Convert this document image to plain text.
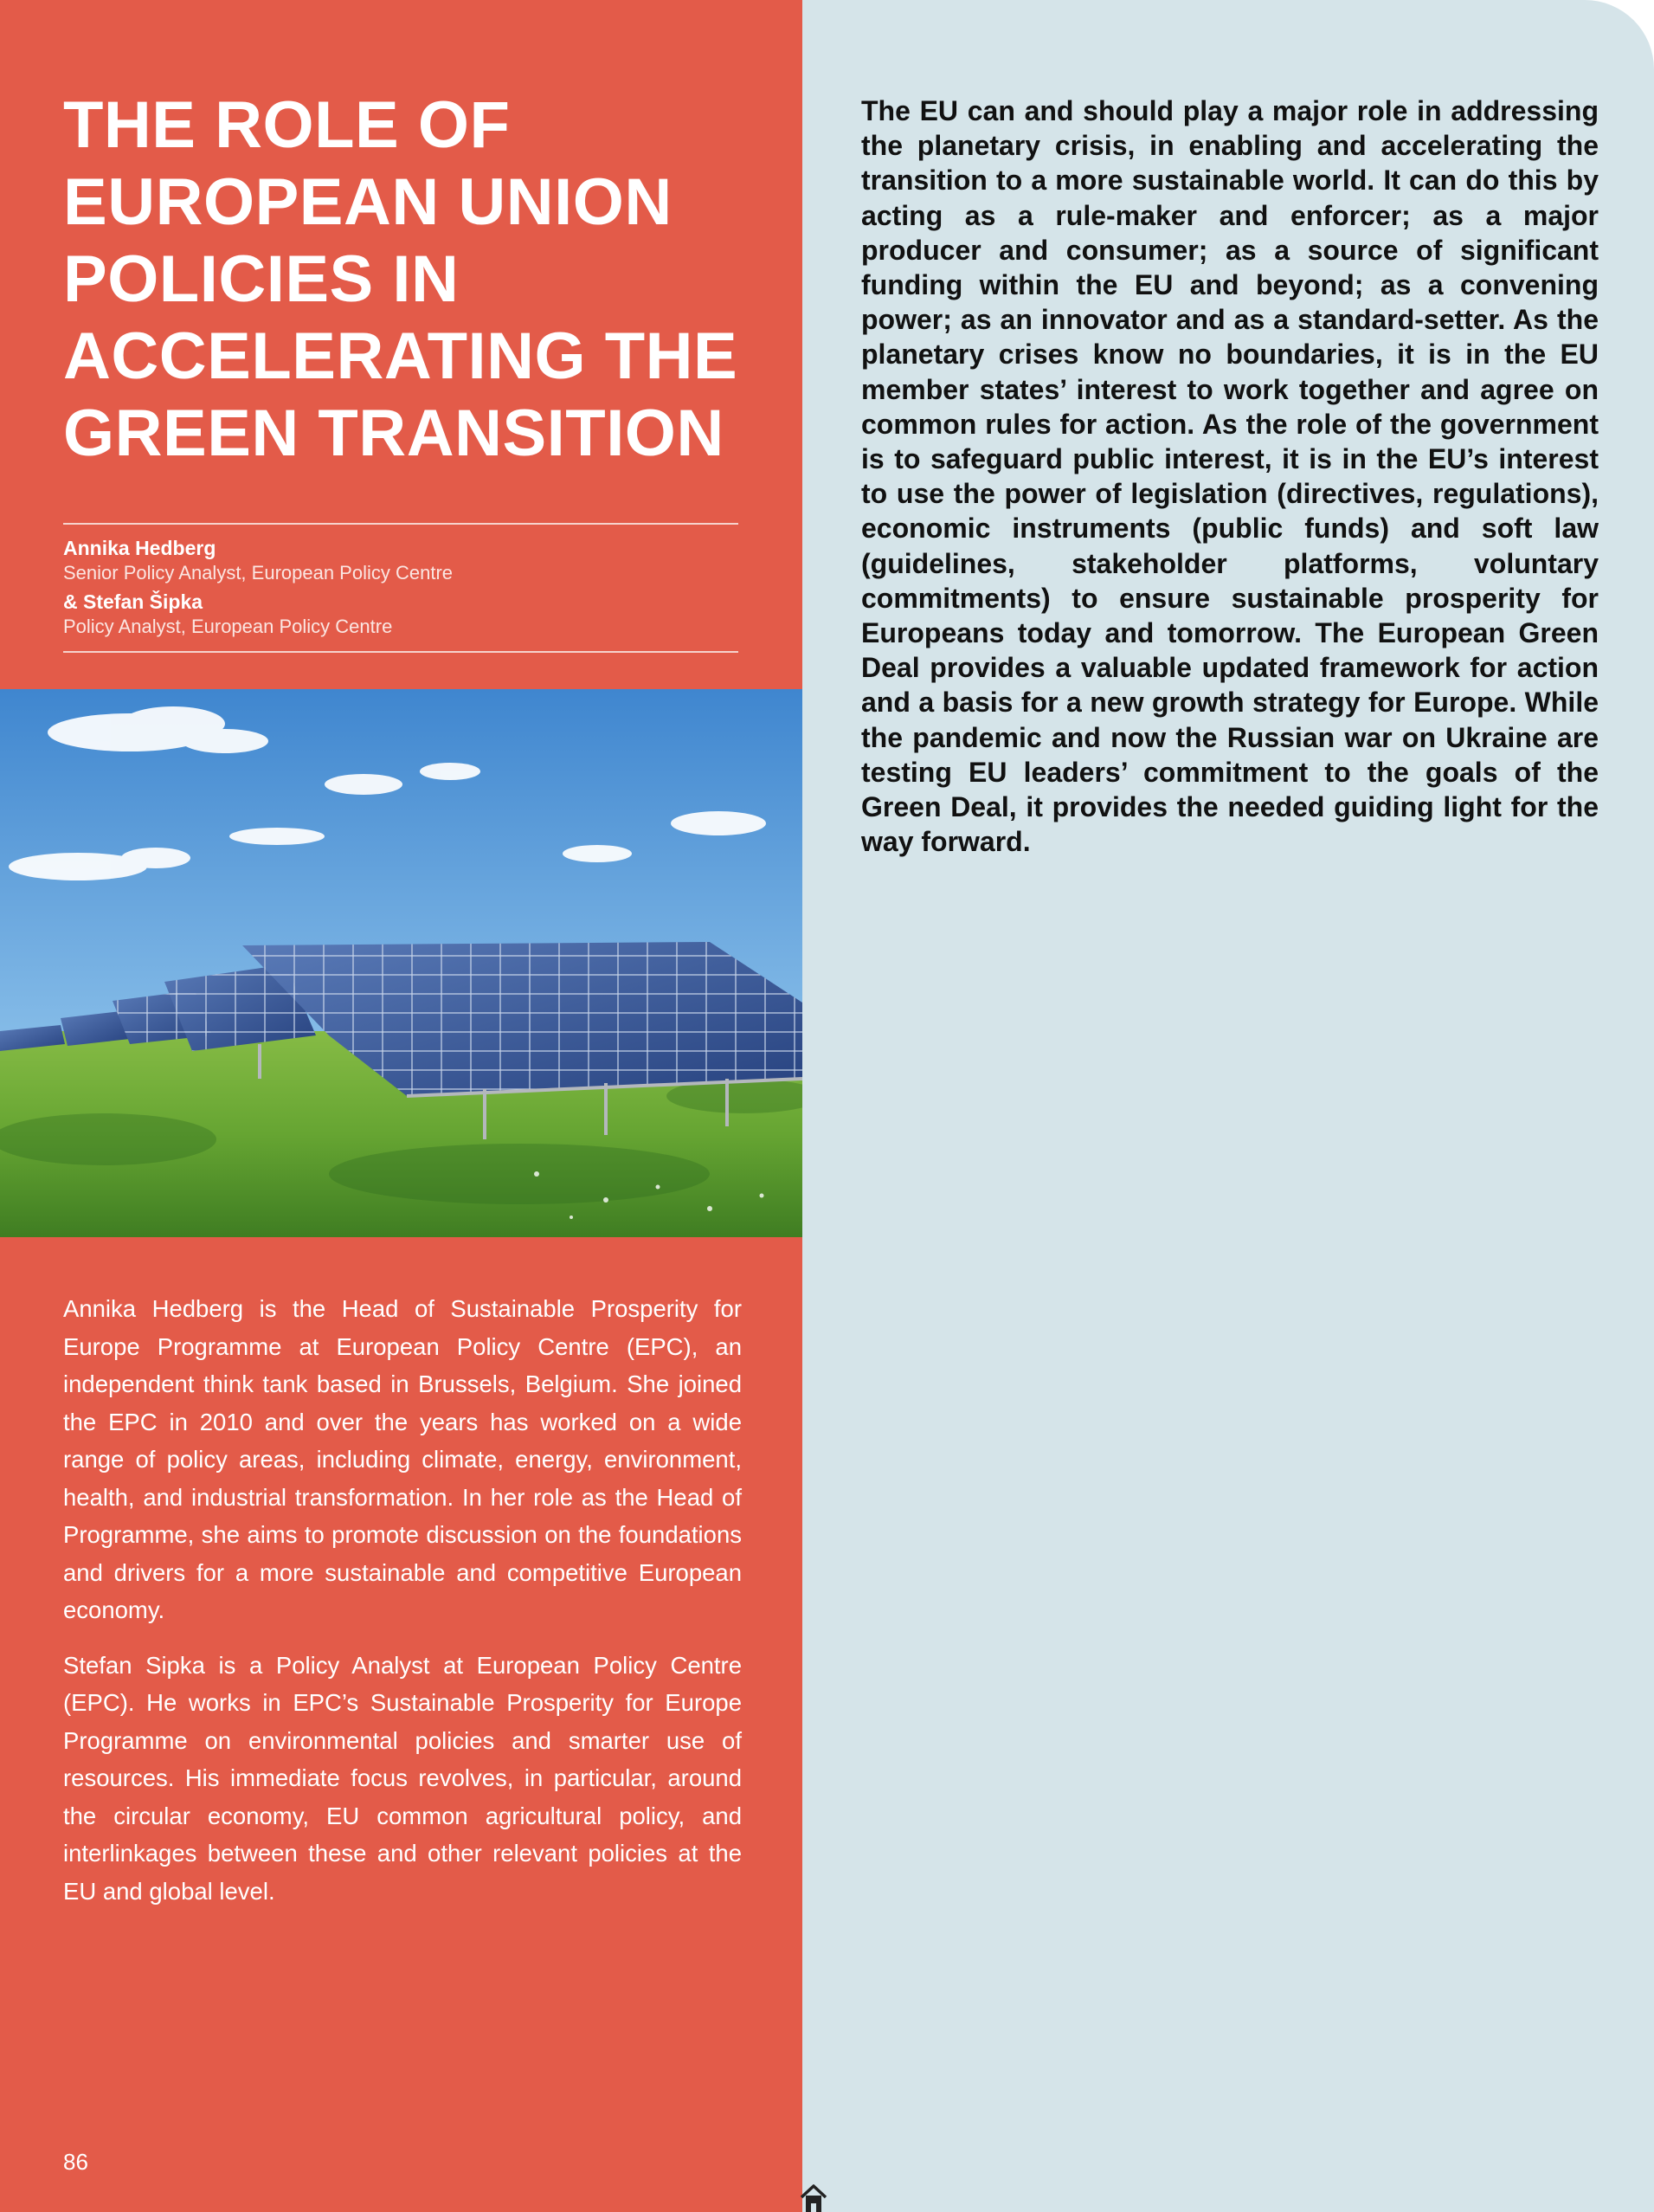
THE ROLE OF EUROPEAN UNION POLICIES IN ACCELERATING THE GREEN TRANSITION
Annika Hedberg
Senior Policy Analyst, European Policy Centre
& Stefan Šipka
Policy Analyst, European Policy Centre

Annika Hedberg is the Head of Sustainable Prosperity for Europe Programme at European Policy Centre (EPC), an independent think tank based in Brussels, Belgium. She joined the EPC in 2010 and over the years has worked on a wide range of policy areas, including climate, energy, environment, health, and industrial transformation. In her role as the Head of Programme, she aims to promote discussion on the foundations and drivers for a more sustainable and competitive European economy.

Stefan Sipka is a Policy Analyst at European Policy Centre (EPC). He works in EPC’s Sustainable Prosperity for Europe Programme on environmental policies and smarter use of resources. His immediate focus revolves, in particular, around the circular economy, EU common agricultural policy, and interlinkages between these and other relevant policies at the EU and global level.

86

The EU can and should play a major role in addressing the planetary crisis, in enabling and accelerating the transition to a more sustainable world. It can do this by acting as a rule-maker and enforcer; as a major producer and consumer; as a source of significant funding within the EU and beyond; as a convening power; as an innovator and as a standard-setter. As the planetary crises know no boundaries, it is in the EU member states’ interest to work together and agree on common rules for action. As the role of the government is to safeguard public interest, it is in the EU’s interest to use the power of legislation (directives, regulations), economic instruments (public funds) and soft law (guidelines, stakeholder platforms, voluntary commitments) to ensure sustainable prosperity for Europeans today and tomorrow. The European Green Deal provides a valuable updated framework for action and a basis for a new growth strategy for Europe. While the pandemic and now the Russian war on Ukraine are testing EU leaders’ commitment to the goals of the Green Deal, it provides the needed guiding light for the way forward.
